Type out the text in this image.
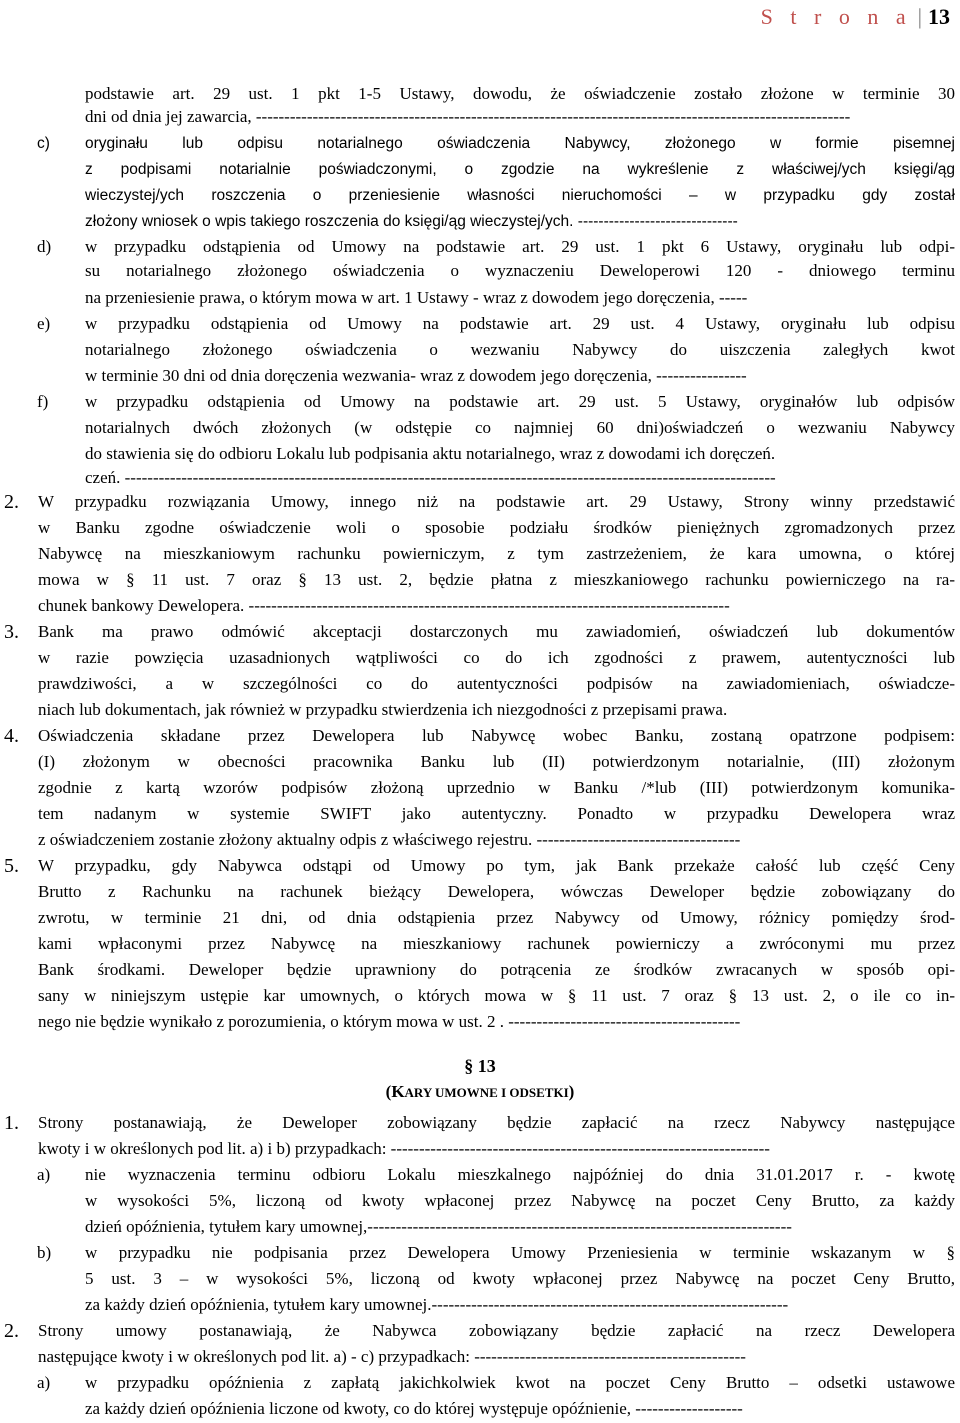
S t r o n a | 13
podstawie art. 29 ust. 1 pkt 1-5 Ustawy, dowodu, że oświadczenie zostało złożone w terminie 30
dni od dnia jej zawarcia, ---------------------------------------------------------------------------------------------------------
c) oryginału lub odpisu notarialnego oświadczenia Nabywcy, złożonego w formie pisemnej
z podpisami notarialnie poświadczonymi, o zgodzie na wykreślenie z właściwej/ych księgi/ąg
wieczystej/ych roszczenia o przeniesienie własności nieruchomości – w przypadku gdy został
złożony wniosek o wpis takiego roszczenia do księgi/ąg wieczystej/ych. -------------------------------
d) w przypadku odstąpienia od Umowy na podstawie art. 29 ust. 1 pkt 6 Ustawy, oryginału lub odpi-
su notarialnego złożonego oświadczenia o wyznaczeniu Deweloperowi 120 - dniowego terminu
na przeniesienie prawa, o którym mowa w art. 1 Ustawy - wraz z dowodem jego doręczenia, -----
e) w przypadku odstąpienia od Umowy na podstawie art. 29 ust. 4 Ustawy, oryginału lub odpisu
notarialnego złożonego oświadczenia o wezwaniu Nabywcy do uiszczenia zaległych kwot
w terminie 30 dni od dnia doręczenia wezwania- wraz z dowodem jego doręczenia, ----------------
f) w przypadku odstąpienia od Umowy na podstawie art. 29 ust. 5 Ustawy, oryginałów lub odpisów
notarialnych dwóch złożonych (w odstępie co najmniej 60 dni)oświadczeń o wezwaniu Nabywcy
do stawienia się do odbioru Lokalu lub podpisania aktu notarialnego, wraz z dowodami ich doręczeń.
czeń. -------------------------------------------------------------------------------------------------------------------
2. W przypadku rozwiązania Umowy, innego niż na podstawie art. 29 Ustawy, Strony winny przedstawić
w Banku zgodne oświadczenie woli o sposobie podziału środków pieniężnych zgromadzonych przez
Nabywcę na mieszkaniowym rachunku powierniczym, z tym zastrzeżeniem, że kara umowna, o której
mowa w § 11 ust. 7 oraz § 13 ust. 2, będzie płatna z mieszkaniowego rachunku powierniczego na ra-
chunek bankowy Dewelopera. -------------------------------------------------------------------------------------
3. Bank ma prawo odmówić akceptacji dostarczonych mu zawiadomień, oświadczeń lub dokumentów
w razie powzięcia uzasadnionych wątpliwości co do ich zgodności z prawem, autentyczności lub
prawdziwości, a w szczególności co do autentyczności podpisów na zawiadomieniach, oświadcze-
niach lub dokumentach, jak również w przypadku stwierdzenia ich niezgodności z przepisami prawa.
4. Oświadczenia składane przez Dewelopera lub Nabywcę wobec Banku, zostaną opatrzone podpisem:
(I) złożonym w obecności pracownika Banku lub (II) potwierdzonym notarialnie, (III) złożonym
zgodnie z kartą wzorów podpisów złożoną uprzednio w Banku /*lub (III) potwierdzonym komunika-
tem nadanym w systemie SWIFT jako autentyczny. Ponadto w przypadku Dewelopera wraz
z oświadczeniem zostanie złożony aktualny odpis z właściwego rejestru. ------------------------------------
5. W przypadku, gdy Nabywca odstąpi od Umowy po tym, jak Bank przekaże całość lub część Ceny
Brutto z Rachunku na rachunek bieżący Dewelopera, wówczas Deweloper będzie zobowiązany do
zwrotu, w terminie 21 dni, od dnia odstąpienia przez Nabywcy od Umowy, różnicy pomiędzy środ-
kami wpłaconymi przez Nabywcę na mieszkaniowy rachunek powierniczy a zwróconymi mu przez
Bank środkami. Deweloper będzie uprawniony do potrącenia ze środków zwracanych w sposób opi-
sany w niniejszym ustępie kar umownych, o których mowa w § 11 ust. 7 oraz § 13 ust. 2, o ile co in-
nego nie będzie wynikało z porozumienia, o którym mowa w ust. 2 . -----------------------------------------
§ 13
(KARY UMOWNE I ODSETKI)
1. Strony postanawiają, że Deweloper zobowiązany będzie zapłacić na rzecz Nabywcy następujące
kwoty i w określonych pod lit. a) i b) przypadkach: -------------------------------------------------------------------
a) nie wyznaczenia terminu odbioru Lokalu mieszkalnego najpóźniej do dnia 31.01.2017 r. - kwotę
w wysokości 5%, liczoną od kwoty wpłaconej przez Nabywcę na poczet Ceny Brutto, za każdy
dzień opóźnienia, tytułem kary umownej,---------------------------------------------------------------------------
b) w przypadku nie podpisania przez Dewelopera Umowy Przeniesienia w terminie wskazanym w §
5 ust. 3 – w wysokości 5%, liczoną od kwoty wpłaconej przez Nabywcę na poczet Ceny Brutto,
za każdy dzień opóźnienia, tytułem kary umownej.---------------------------------------------------------------
2. Strony umowy postanawiają, że Nabywca zobowiązany będzie zapłacić na rzecz Dewelopera
następujące kwoty i w określonych pod lit. a) - c) przypadkach: ------------------------------------------------
a) w przypadku opóźnienia z zapłatą jakichkolwiek kwot na poczet Ceny Brutto – odsetki ustawowe
za każdy dzień opóźnienia liczone od kwoty, co do której występuje opóźnienie, -------------------
